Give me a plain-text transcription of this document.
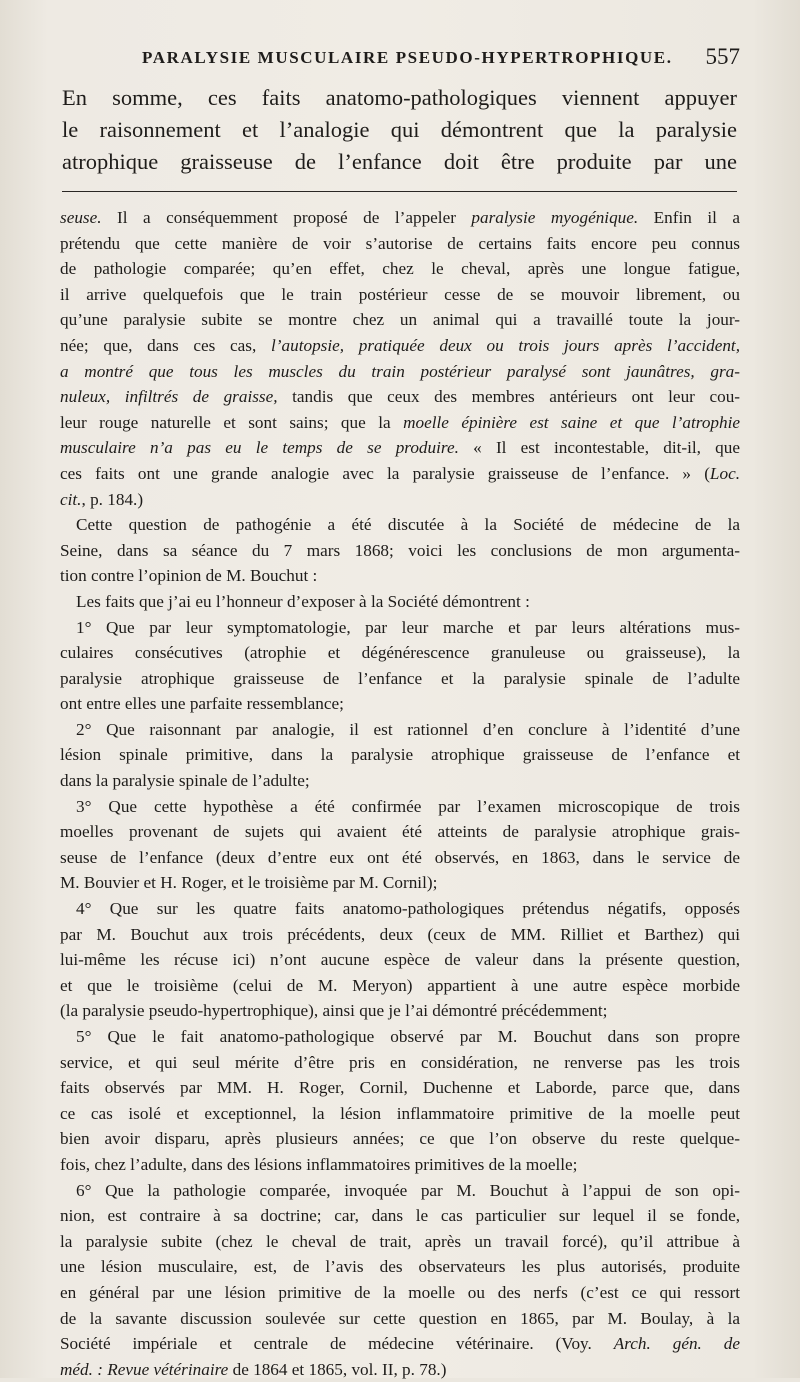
PARALYSIE MUSCULAIRE PSEUDO-HYPERTROPHIQUE. 557
En somme, ces faits anatomo-pathologiques viennent appuyer
le raisonnement et l’analogie qui démontrent que la paralysie
atrophique graisseuse de l’enfance doit être produite par une
seuse. Il a conséquemment proposé de l’appeler paralysie myogénique. Enfin il a
prétendu que cette manière de voir s’autorise de certains faits encore peu connus
de pathologie comparée; qu’en effet, chez le cheval, après une longue fatigue,
il arrive quelquefois que le train postérieur cesse de se mouvoir librement, ou
qu’une paralysie subite se montre chez un animal qui a travaillé toute la jour-
née; que, dans ces cas, l’autopsie, pratiquée deux ou trois jours après l’accident,
a montré que tous les muscles du train postérieur paralysé sont jaunâtres, gra-
nuleux, infiltrés de graisse, tandis que ceux des membres antérieurs ont leur cou-
leur rouge naturelle et sont sains; que la moelle épinière est saine et que l’atrophie
musculaire n’a pas eu le temps de se produire. « Il est incontestable, dit-il, que
ces faits ont une grande analogie avec la paralysie graisseuse de l’enfance. » (Loc.
cit., p. 184.)
Cette question de pathogénie a été discutée à la Société de médecine de la
Seine, dans sa séance du 7 mars 1868; voici les conclusions de mon argumenta-
tion contre l’opinion de M. Bouchut :
Les faits que j’ai eu l’honneur d’exposer à la Société démontrent :
1° Que par leur symptomatologie, par leur marche et par leurs altérations mus-
culaires consécutives (atrophie et dégénérescence granuleuse ou graisseuse), la
paralysie atrophique graisseuse de l’enfance et la paralysie spinale de l’adulte
ont entre elles une parfaite ressemblance;
2° Que raisonnant par analogie, il est rationnel d’en conclure à l’identité d’une
lésion spinale primitive, dans la paralysie atrophique graisseuse de l’enfance et
dans la paralysie spinale de l’adulte;
3° Que cette hypothèse a été confirmée par l’examen microscopique de trois
moelles provenant de sujets qui avaient été atteints de paralysie atrophique grais-
seuse de l’enfance (deux d’entre eux ont été observés, en 1863, dans le service de
M. Bouvier et H. Roger, et le troisième par M. Cornil);
4° Que sur les quatre faits anatomo-pathologiques prétendus négatifs, opposés
par M. Bouchut aux trois précédents, deux (ceux de MM. Rilliet et Barthez) qui
lui-même les récuse ici) n’ont aucune espèce de valeur dans la présente question,
et que le troisième (celui de M. Meryon) appartient à une autre espèce morbide
(la paralysie pseudo-hypertrophique), ainsi que je l’ai démontré précédemment;
5° Que le fait anatomo-pathologique observé par M. Bouchut dans son propre
service, et qui seul mérite d’être pris en considération, ne renverse pas les trois
faits observés par MM. H. Roger, Cornil, Duchenne et Laborde, parce que, dans
ce cas isolé et exceptionnel, la lésion inflammatoire primitive de la moelle peut
bien avoir disparu, après plusieurs années; ce que l’on observe du reste quelque-
fois, chez l’adulte, dans des lésions inflammatoires primitives de la moelle;
6° Que la pathologie comparée, invoquée par M. Bouchut à l’appui de son opi-
nion, est contraire à sa doctrine; car, dans le cas particulier sur lequel il se fonde,
la paralysie subite (chez le cheval de trait, après un travail forcé), qu’il attribue à
une lésion musculaire, est, de l’avis des observateurs les plus autorisés, produite
en général par une lésion primitive de la moelle ou des nerfs (c’est ce qui ressort
de la savante discussion soulevée sur cette question en 1865, par M. Boulay, à la
Société impériale et centrale de médecine vétérinaire. (Voy. Arch. gén. de
méd. : Revue vétérinaire de 1864 et 1865, vol. II, p. 78.)
